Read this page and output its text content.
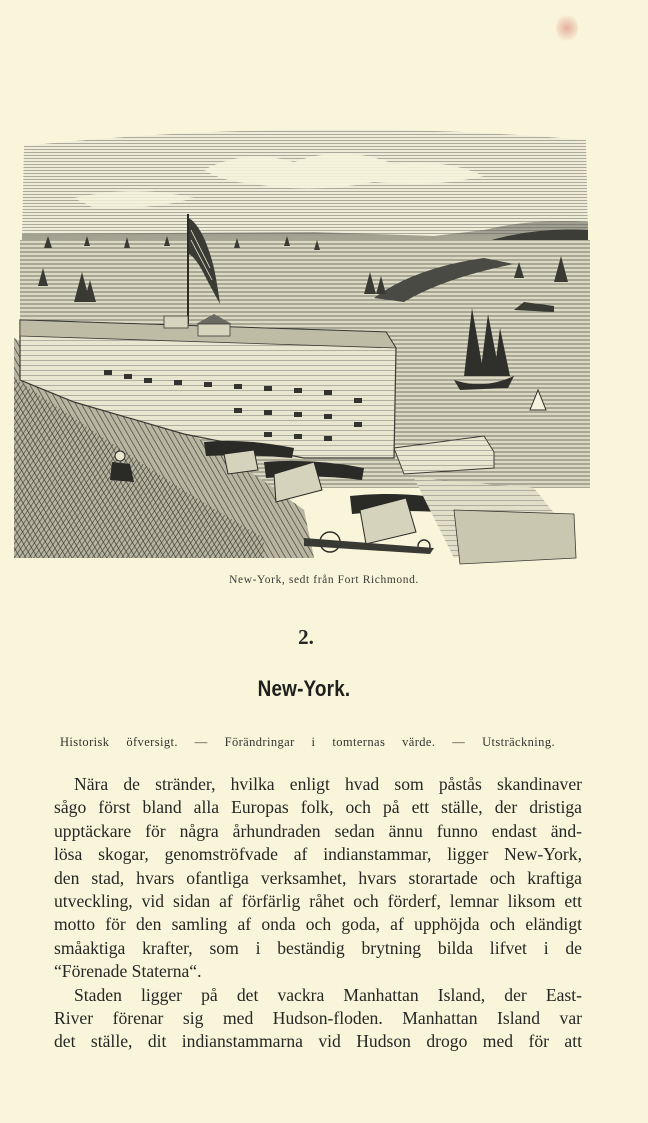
New-York, sedt från Fort Richmond.
2.
New-York.
Historisk öfversigt. — Förändringar i tomternas värde. — Utsträckning.
Nära de stränder, hvilka enligt hvad som påstås skandinaver
sågo först bland alla Europas folk, och på ett ställe, der dristiga
upptäckare för några århundraden sedan ännu funno endast änd-
lösa skogar, genomströfvade af indianstammar, ligger New-York,
den stad, hvars ofantliga verksamhet, hvars storartade och kraftiga
utveckling, vid sidan af förfärlig råhet och förderf, lemnar liksom ett
motto för den samling af onda och goda, af upphöjda och eländigt
småaktiga krafter, som i beständig brytning bilda lifvet i de
“Förenade Staterna“.
Staden ligger på det vackra Manhattan Island, der East-
River förenar sig med Hudson-floden. Manhattan Island var
det ställe, dit indianstammarna vid Hudson drogo med för att
